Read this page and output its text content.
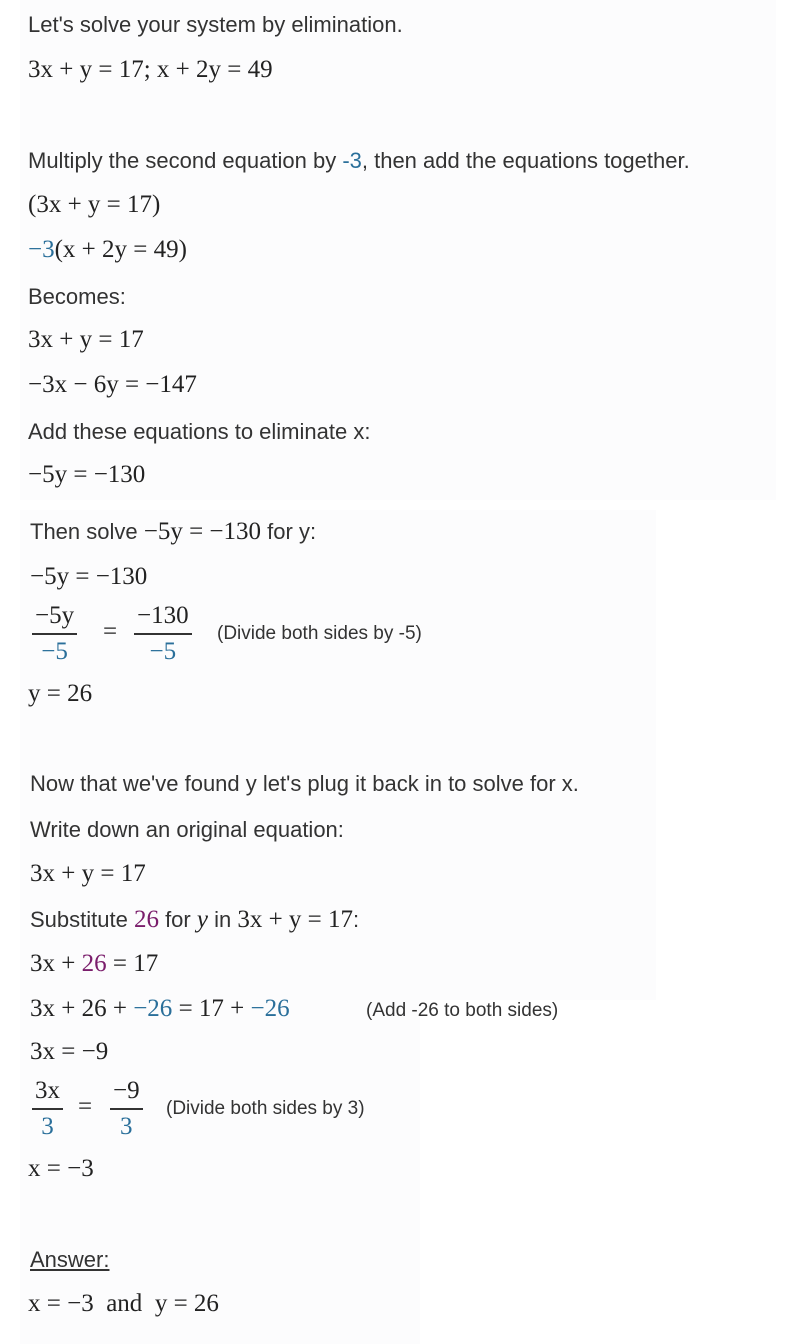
Let's solve your system by elimination.
3x + y = 17; x + 2y = 49
Multiply the second equation by -3, then add the equations together.
(3x + y = 17)
−3(x + 2y = 49)
Becomes:
3x + y = 17
−3x − 6y = −147
Add these equations to eliminate x:
−5y = −130
Then solve −5y = −130 for y:
−5y = −130
−5y
−5
=
−130
−5
(Divide both sides by -5)
y = 26
Now that we've found y let's plug it back in to solve for x.
Write down an original equation:
3x + y = 17
Substitute 26 for y in 3x + y = 17:
3x + 26 = 17
3x + 26 + −26 = 17 + −26	(Add -26 to both sides)
3x = −9
3x
3
=
−9
3
(Divide both sides by 3)
x = −3
Answer:
x = −3 and y = 26
